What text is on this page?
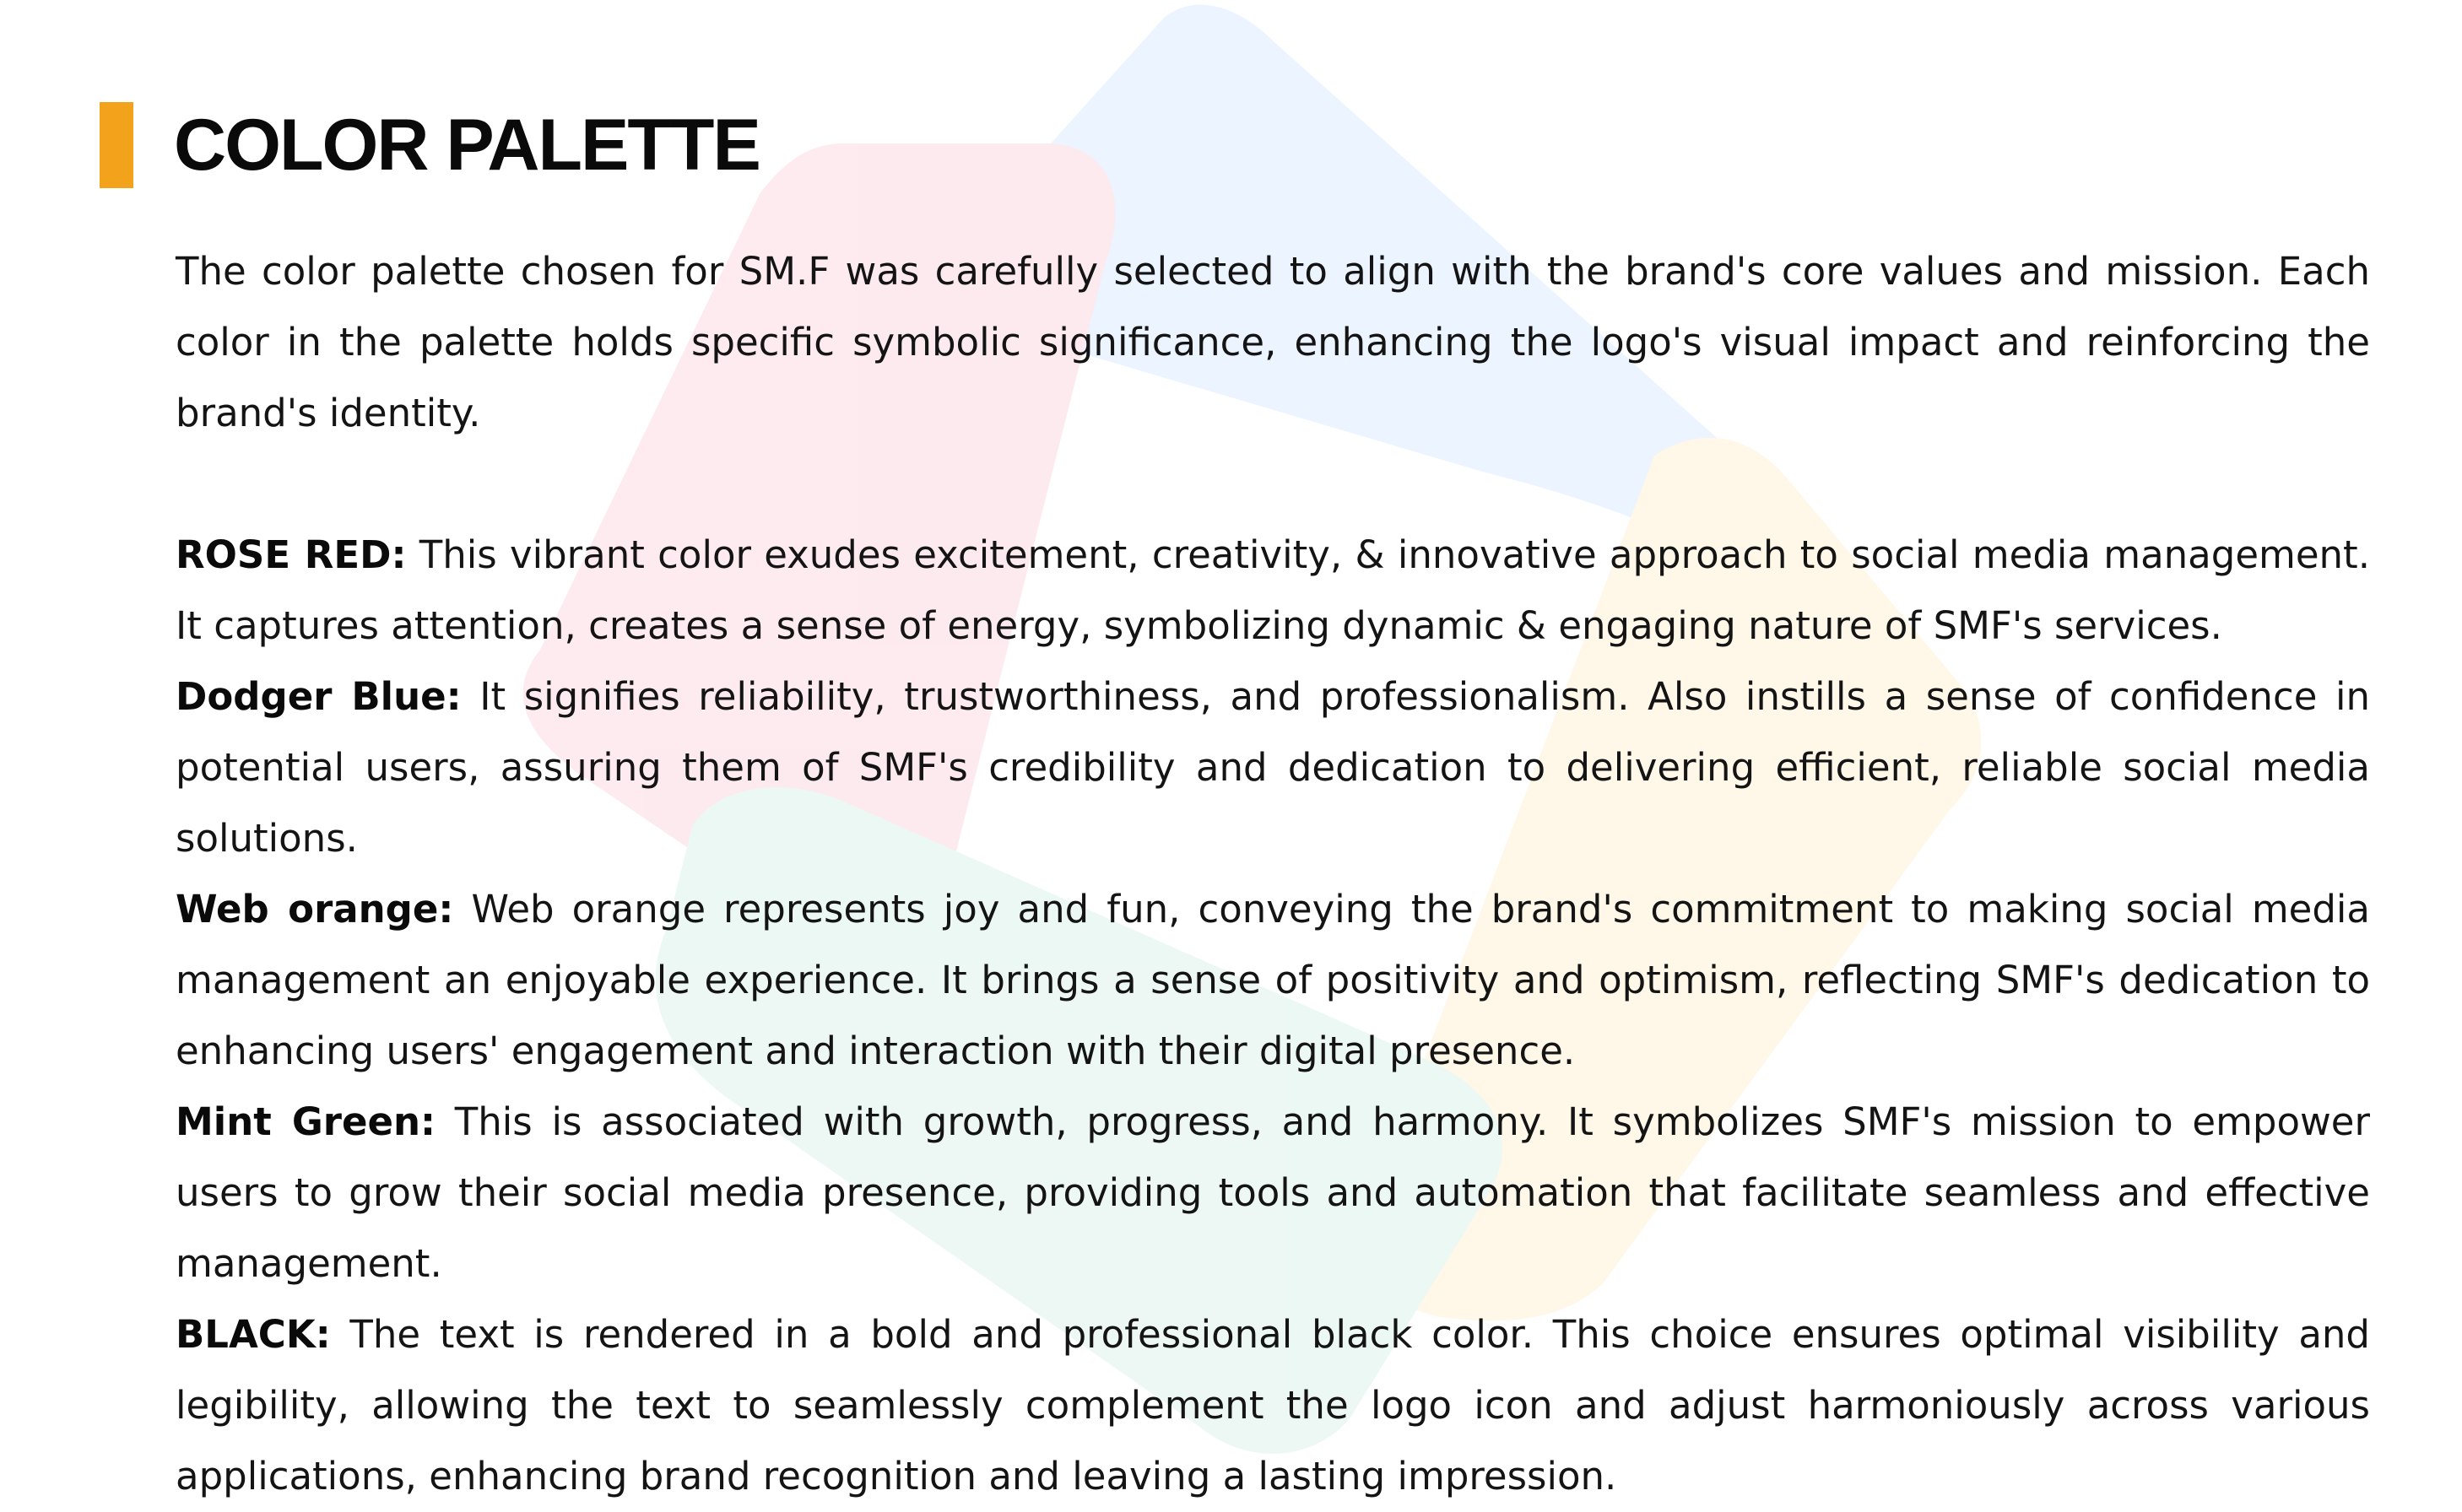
COLOR PALETTE

The color palette chosen for SM.F was carefully selected to align with the brand's core values and mission. Each color in the palette holds specific symbolic significance, enhancing the logo's visual impact and reinforcing the brand's identity.

ROSE RED: This vibrant color exudes excitement, creativity, & innovative approach to social media management. It captures attention, creates a sense of energy, symbolizing dynamic & engaging nature of SMF's services.

Dodger Blue: It signifies reliability, trustworthiness, and professionalism. Also instills a sense of confidence in potential users, assuring them of SMF's credibility and dedication to delivering efficient, reliable social media solutions.

Web orange: Web orange represents joy and fun, conveying the brand's commitment to making social media management an enjoyable experience. It brings a sense of positivity and optimism, reflecting SMF's dedication to enhancing users' engagement and interaction with their digital presence.

Mint Green: This is associated with growth, progress, and harmony. It symbolizes SMF's mission to empower users to grow their social media presence, providing tools and automation that facilitate seamless and effective management.

BLACK: The text is rendered in a bold and professional black color. This choice ensures optimal visibility and legibility, allowing the text to seamlessly complement the logo icon and adjust harmoniously across various applications, enhancing brand recognition and leaving a lasting impression.
